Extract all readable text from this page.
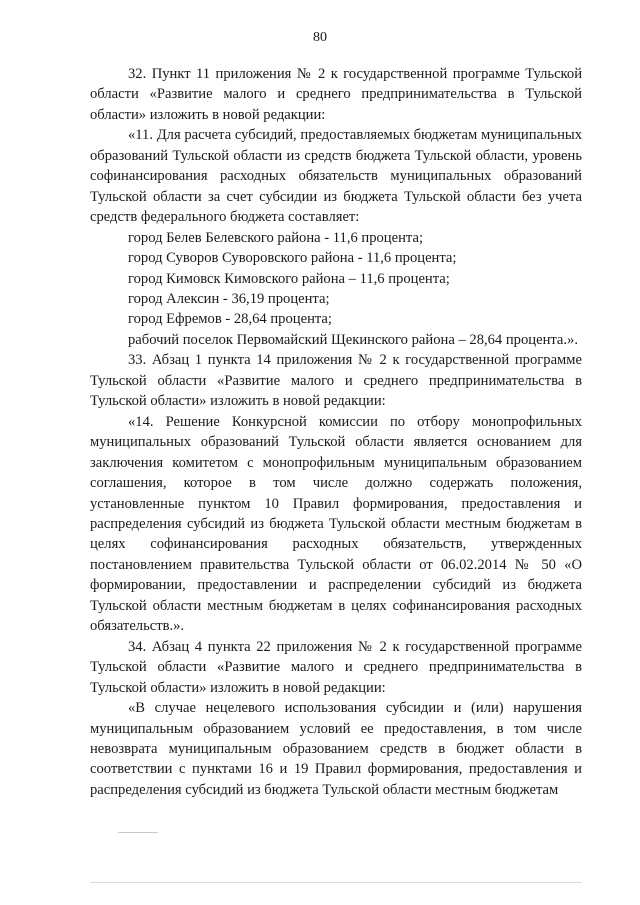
80

32. Пункт 11 приложения № 2 к государственной программе Тульской области «Развитие малого и среднего предпринимательства в Тульской области» изложить в новой редакции:

«11. Для расчета субсидий, предоставляемых бюджетам муниципальных образований Тульской области из средств бюджета Тульской области, уровень софинансирования расходных обязательств муниципальных образований Тульской области за счет субсидии из бюджета Тульской области без учета средств федерального бюджета составляет:

город Белев Белевского района - 11,6 процента;

город Суворов Суворовского района - 11,6 процента;

город Кимовск Кимовского района – 11,6 процента;

город Алексин - 36,19 процента;

город Ефремов - 28,64 процента;

рабочий поселок Первомайский Щекинского района – 28,64 процента.».

33. Абзац 1 пункта 14 приложения № 2 к государственной программе Тульской области «Развитие малого и среднего предпринимательства в Тульской области» изложить в новой редакции:

«14. Решение Конкурсной комиссии по отбору монопрофильных муниципальных образований Тульской области является основанием для заключения комитетом с монопрофильным муниципальным образованием соглашения, которое в том числе должно содержать положения, установленные пунктом 10 Правил формирования, предоставления и распределения субсидий из бюджета Тульской области местным бюджетам в целях софинансирования расходных обязательств, утвержденных постановлением правительства Тульской области от 06.02.2014 № 50 «О формировании, предоставлении и распределении субсидий из бюджета Тульской области местным бюджетам в целях софинансирования расходных обязательств.».

34. Абзац 4 пункта 22 приложения № 2 к государственной программе Тульской области «Развитие малого и среднего предпринимательства в Тульской области» изложить в новой редакции:

«В случае нецелевого использования субсидии и (или) нарушения муниципальным образованием условий ее предоставления, в том числе невозврата муниципальным образованием средств в бюджет области в соответствии с пунктами 16 и 19 Правил формирования, предоставления и распределения субсидий из бюджета Тульской области местным бюджетам
